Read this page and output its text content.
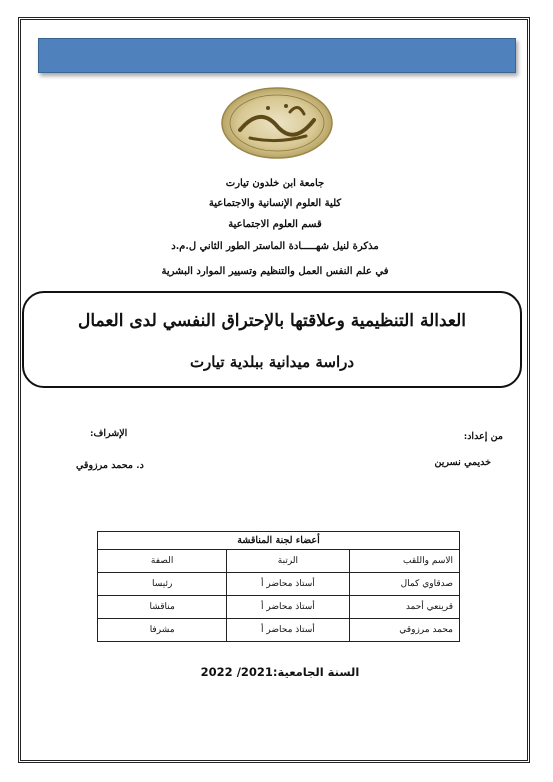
جامعة ابن خلدون تيارت
كلية العلوم الإنسانية والاجتماعية
قسم العلوم الاجتماعية
مذكرة لنيل شهـــــادة الماستر الطور الثاني ل.م.د
في علم النفس العمل والتنظيم وتسيير الموارد البشرية
العدالة التنظيمية وعلاقتها بالإحتراق النفسي لدى العمال
دراسة ميدانية ببلدية تيارت
من إعداد:
خديمي نسرين
الإشراف:
د. محمد مرزوقي
أعضاء لجنة المناقشة		
الاسم واللقب	الرتبة	الصفة
صدقاوي كمال	أستاذ محاضر أ	رئيسا
قرينعي أحمد	أستاذ محاضر أ	مناقشا
محمد مرزوقي	أستاذ محاضر أ	مشرفا
السنة الجامعية:2021/ 2022
